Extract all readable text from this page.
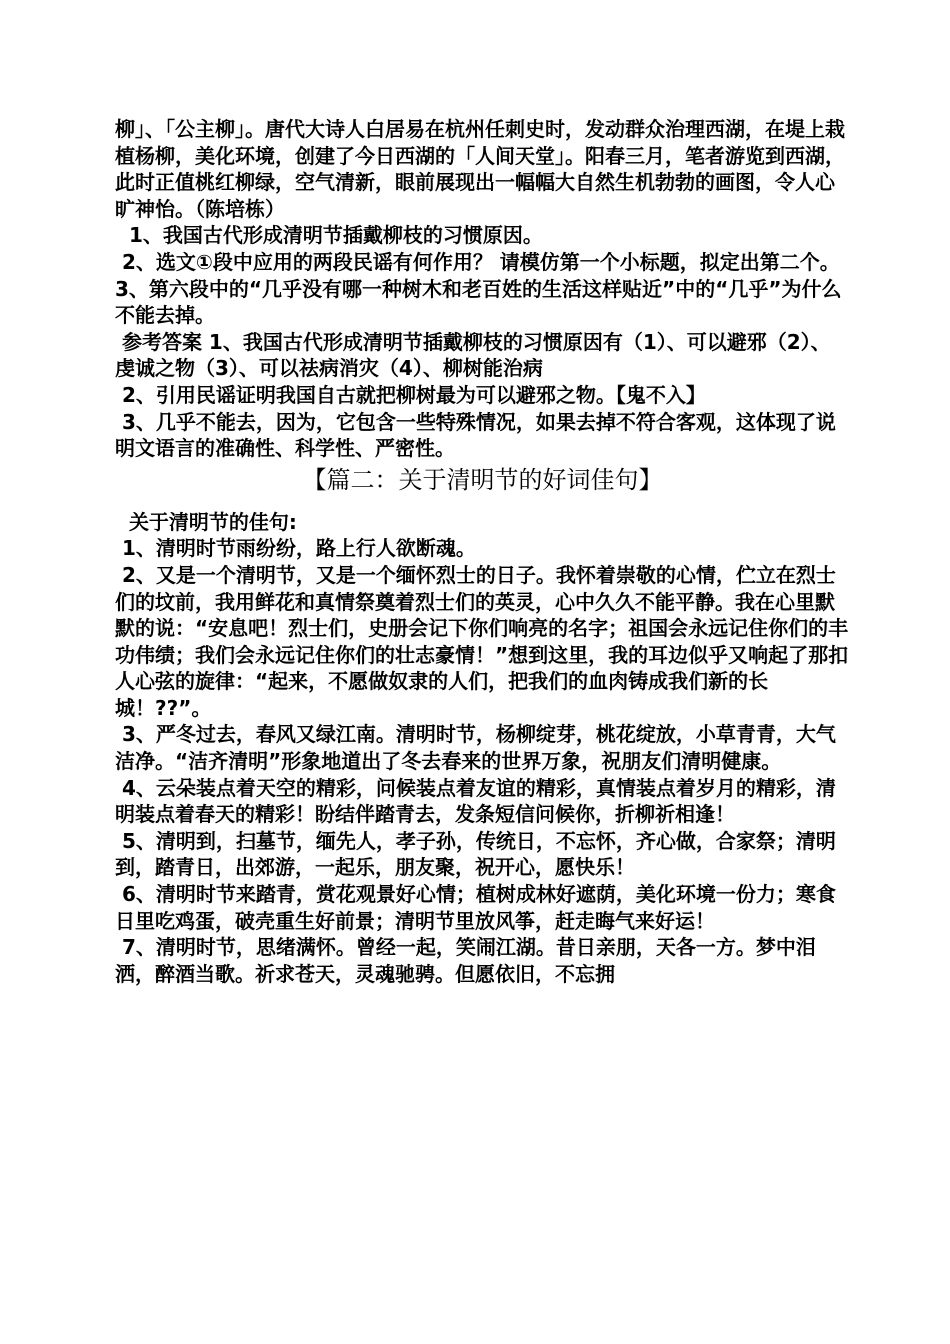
柳」、「公主柳」。唐代大诗人白居易在杭州任刺史时，发动群众治理西湖，在堤上栽植杨柳，美化环境，创建了今日西湖的「人间天堂」。阳春三月，笔者游览到西湖，此时正值桃红柳绿，空气清新，眼前展现出一幅幅大自然生机勃勃的画图，令人心旷神怡。（陈培栋）

1、我国古代形成清明节插戴柳枝的习惯原因。

2、选文①段中应用的两段民谣有何作用？ 请模仿第一个小标题，拟定出第二个。

3、第六段中的“几乎没有哪一种树木和老百姓的生活这样贴近”中的“几乎”为什么不能去掉。

参考答案 1、我国古代形成清明节插戴柳枝的习惯原因有（1）、可以避邪（2）、虔诚之物（3）、可以祛病消灾（4）、柳树能治病

2、引用民谣证明我国自古就把柳树最为可以避邪之物。【鬼不入】

3、几乎不能去，因为，它包含一些特殊情况，如果去掉不符合客观，这体现了说明文语言的准确性、科学性、严密性。

【篇二：关于清明节的好词佳句】

关于清明节的佳句:

1、清明时节雨纷纷，路上行人欲断魂。

2、又是一个清明节，又是一个缅怀烈士的日子。我怀着崇敬的心情，伫立在烈士们的坟前，我用鲜花和真情祭奠着烈士们的英灵，心中久久不能平静。我在心里默默的说：“安息吧！烈士们，史册会记下你们响亮的名字；祖国会永远记住你们的丰功伟绩；我们会永远记住你们的壮志豪情！”想到这里，我的耳边似乎又响起了那扣人心弦的旋律：“起来，不愿做奴隶的人们，把我们的血肉铸成我们新的长城！??”。

3、严冬过去，春风又绿江南。清明时节，杨柳绽芽，桃花绽放，小草青青，大气洁净。“洁齐清明”形象地道出了冬去春来的世界万象，祝朋友们清明健康。

4、云朵装点着天空的精彩，问候装点着友谊的精彩，真情装点着岁月的精彩，清明装点着春天的精彩！盼结伴踏青去，发条短信问候你，折柳祈相逢！

5、清明到，扫墓节，缅先人，孝子孙，传统日，不忘怀，齐心做，合家祭；清明到，踏青日，出郊游，一起乐，朋友聚，祝开心，愿快乐！

6、清明时节来踏青，赏花观景好心情；植树成林好遮荫，美化环境一份力；寒食日里吃鸡蛋，破壳重生好前景；清明节里放风筝，赶走晦气来好运！

7、清明时节，思绪满怀。曾经一起，笑闹江湖。昔日亲朋，天各一方。梦中泪洒，醉酒当歌。祈求苍天，灵魂驰骋。但愿依旧，不忘拥
